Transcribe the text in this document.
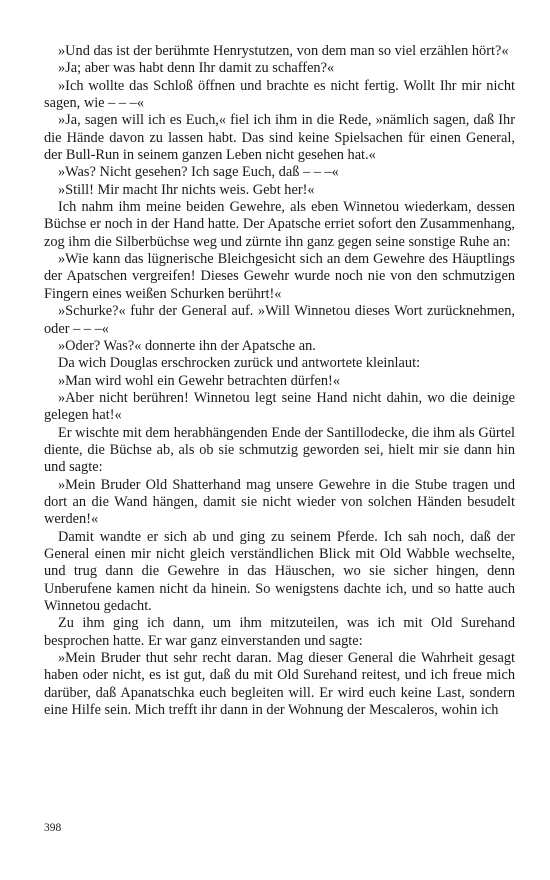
»Und das ist der berühmte Henrystutzen, von dem man so viel erzählen hört?«

»Ja; aber was habt denn Ihr damit zu schaffen?«

»Ich wollte das Schloß öffnen und brachte es nicht fertig. Wollt Ihr mir nicht sagen, wie – – –«

»Ja, sagen will ich es Euch,« fiel ich ihm in die Rede, »nämlich sagen, daß Ihr die Hände davon zu lassen habt. Das sind keine Spielsachen für einen General, der Bull-Run in seinem ganzen Leben nicht gesehen hat.«

»Was? Nicht gesehen? Ich sage Euch, daß – – –«

»Still! Mir macht Ihr nichts weis. Gebt her!«

Ich nahm ihm meine beiden Gewehre, als eben Winnetou wiederkam, dessen Büchse er noch in der Hand hatte. Der Apatsche erriet sofort den Zusammenhang, zog ihm die Silberbüchse weg und zürnte ihn ganz gegen seine sonstige Ruhe an:

»Wie kann das lügnerische Bleichgesicht sich an dem Gewehre des Häuptlings der Apatschen vergreifen! Dieses Gewehr wurde noch nie von den schmutzigen Fingern eines weißen Schurken berührt!«

»Schurke?« fuhr der General auf. »Will Winnetou dieses Wort zurücknehmen, oder – – –«

»Oder? Was?« donnerte ihn der Apatsche an.

Da wich Douglas erschrocken zurück und antwortete kleinlaut:

»Man wird wohl ein Gewehr betrachten dürfen!«

»Aber nicht berühren! Winnetou legt seine Hand nicht dahin, wo die deinige gelegen hat!«

Er wischte mit dem herabhängenden Ende der Santillodecke, die ihm als Gürtel diente, die Büchse ab, als ob sie schmutzig geworden sei, hielt mir sie dann hin und sagte:

»Mein Bruder Old Shatterhand mag unsere Gewehre in die Stube tragen und dort an die Wand hängen, damit sie nicht wieder von solchen Händen besudelt werden!«

Damit wandte er sich ab und ging zu seinem Pferde. Ich sah noch, daß der General einen mir nicht gleich verständlichen Blick mit Old Wabble wechselte, und trug dann die Gewehre in das Häuschen, wo sie sicher hingen, denn Unberufene kamen nicht da hinein. So wenigstens dachte ich, und so hatte auch Winnetou gedacht.

Zu ihm ging ich dann, um ihm mitzuteilen, was ich mit Old Surehand besprochen hatte. Er war ganz einverstanden und sagte:

»Mein Bruder thut sehr recht daran. Mag dieser General die Wahrheit gesagt haben oder nicht, es ist gut, daß du mit Old Surehand reitest, und ich freue mich darüber, daß Apanatschka euch begleiten will. Er wird euch keine Last, sondern eine Hilfe sein. Mich trefft ihr dann in der Wohnung der Mescaleros, wohin ich

398
